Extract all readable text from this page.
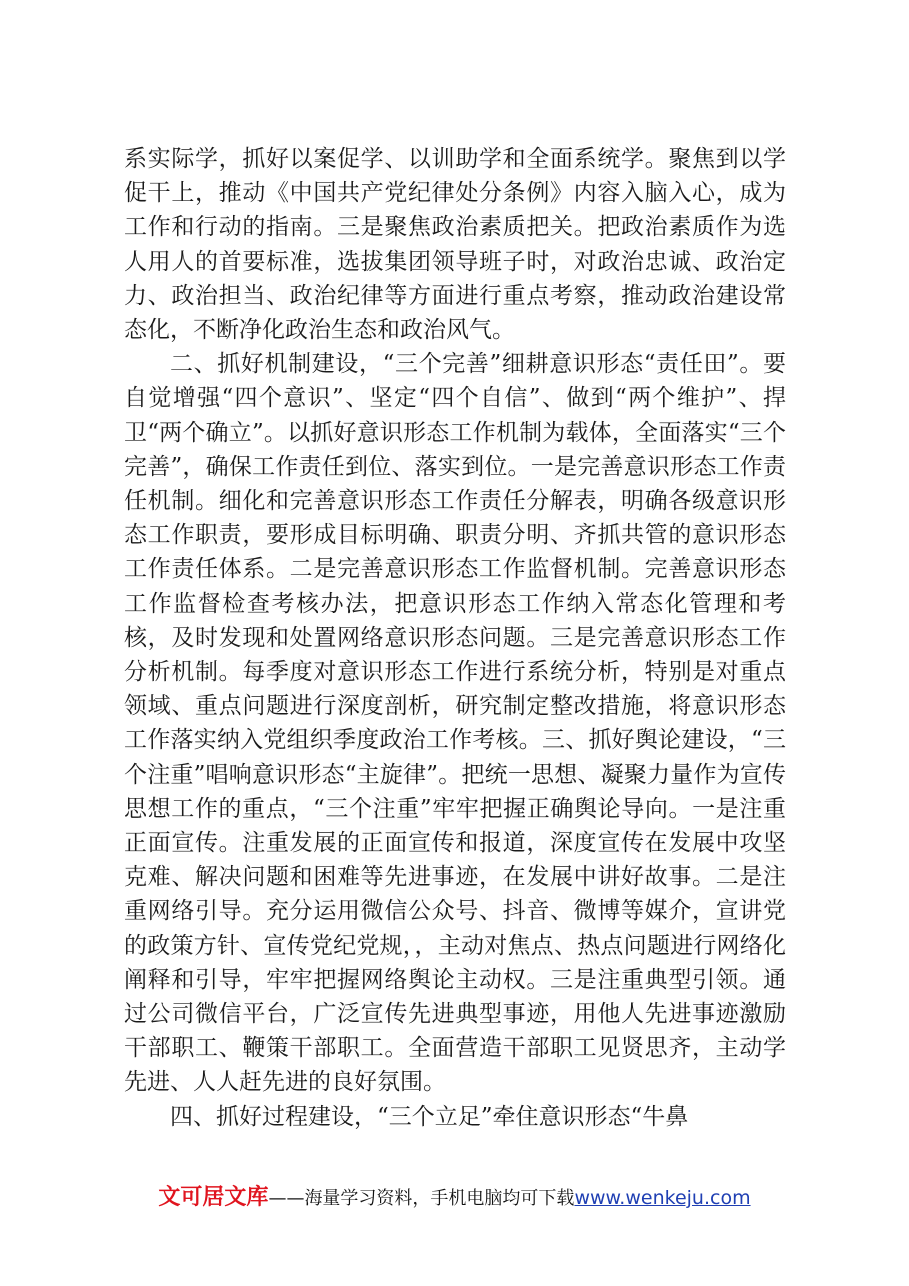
系实际学，抓好以案促学、以训助学和全面系统学。聚焦到以学促干上，推动《中国共产党纪律处分条例》内容入脑入心，成为工作和行动的指南。三是聚焦政治素质把关。把政治素质作为选人用人的首要标准，选拔集团领导班子时，对政治忠诚、政治定力、政治担当、政治纪律等方面进行重点考察，推动政治建设常态化，不断净化政治生态和政治风气。

二、抓好机制建设，“三个完善”细耕意识形态“责任田”。要自觉增强“四个意识”、坚定“四个自信”、做到“两个维护”、捍卫“两个确立”。以抓好意识形态工作机制为载体，全面落实“三个完善”，确保工作责任到位、落实到位。一是完善意识形态工作责任机制。细化和完善意识形态工作责任分解表，明确各级意识形态工作职责，要形成目标明确、职责分明、齐抓共管的意识形态工作责任体系。二是完善意识形态工作监督机制。完善意识形态工作监督检查考核办法，把意识形态工作纳入常态化管理和考核，及时发现和处置网络意识形态问题。三是完善意识形态工作分析机制。每季度对意识形态工作进行系统分析，特别是对重点领域、重点问题进行深度剖析，研究制定整改措施，将意识形态工作落实纳入党组织季度政治工作考核。三、抓好舆论建设，“三个注重”唱响意识形态“主旋律”。把统一思想、凝聚力量作为宣传思想工作的重点，“三个注重”牢牢把握正确舆论导向。一是注重正面宣传。注重发展的正面宣传和报道，深度宣传在发展中攻坚克难、解决问题和困难等先进事迹，在发展中讲好故事。二是注重网络引导。充分运用微信公众号、抖音、微博等媒介，宣讲党的政策方针、宣传党纪党规，，主动对焦点、热点问题进行网络化阐释和引导，牢牢把握网络舆论主动权。三是注重典型引领。通过公司微信平台，广泛宣传先进典型事迹，用他人先进事迹激励干部职工、鞭策干部职工。全面营造干部职工见贤思齐，主动学先进、人人赶先进的良好氛围。

四、抓好过程建设，“三个立足”牵住意识形态“牛鼻

文可居文库——海量学习资料，手机电脑均可下载www.wenkeju.com
